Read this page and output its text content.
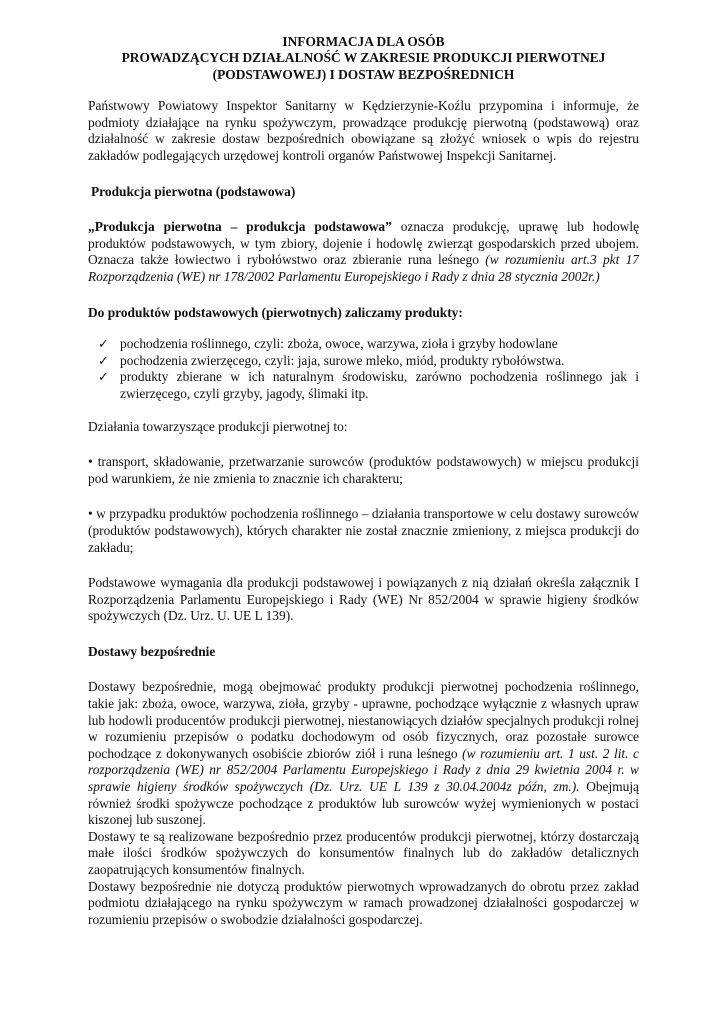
INFORMACJA DLA OSÓB
PROWADZĄCYCH DZIAŁALNOŚĆ W ZAKRESIE PRODUKCJI PIERWOTNEJ
(PODSTAWOWEJ) I DOSTAW BEZPOŚREDNICH

Państwowy Powiatowy Inspektor Sanitarny w Kędzierzynie-Koźlu przypomina i informuje, że podmioty działające na rynku spożywczym, prowadzące produkcję pierwotną (podstawową) oraz działalność w zakresie dostaw bezpośrednich obowiązane są złożyć wniosek o wpis do rejestru zakładów podlegających urzędowej kontroli organów Państwowej Inspekcji Sanitarnej.

Produkcja pierwotna (podstawowa)

„Produkcja pierwotna – produkcja podstawowa” oznacza produkcję, uprawę lub hodowlę produktów podstawowych, w tym zbiory, dojenie i hodowlę zwierząt gospodarskich przed ubojem. Oznacza także łowiectwo i rybołówstwo oraz zbieranie runa leśnego (w rozumieniu art.3 pkt 17 Rozporządzenia (WE) nr 178/2002 Parlamentu Europejskiego i Rady z dnia 28 stycznia 2002r.)

Do produktów podstawowych (pierwotnych) zaliczamy produkty:

✓ pochodzenia roślinnego, czyli: zboża, owoce, warzywa, zioła i grzyby hodowlane
✓ pochodzenia zwierzęcego, czyli: jaja, surowe mleko, miód, produkty rybołówstwa.
✓ produkty zbierane w ich naturalnym środowisku, zarówno pochodzenia roślinnego jak i zwierzęcego, czyli grzyby, jagody, ślimaki itp.

Działania towarzyszące produkcji pierwotnej to:

• transport, składowanie, przetwarzanie surowców (produktów podstawowych) w miejscu produkcji pod warunkiem, że nie zmienia to znacznie ich charakteru;

• w przypadku produktów pochodzenia roślinnego – działania transportowe w celu dostawy surowców (produktów podstawowych), których charakter nie został znacznie zmieniony, z miejsca produkcji do zakładu;

Podstawowe wymagania dla produkcji podstawowej i powiązanych z nią działań określa załącznik I Rozporządzenia Parlamentu Europejskiego i Rady (WE) Nr 852/2004 w sprawie higieny środków spożywczych (Dz. Urz. U. UE L 139).

Dostawy bezpośrednie

Dostawy bezpośrednie, mogą obejmować produkty produkcji pierwotnej pochodzenia roślinnego, takie jak: zboża, owoce, warzywa, zioła, grzyby - uprawne, pochodzące wyłącznie z własnych upraw lub hodowli producentów produkcji pierwotnej, niestanowiących działów specjalnych produkcji rolnej w rozumieniu przepisów o podatku dochodowym od osób fizycznych, oraz pozostałe surowce pochodzące z dokonywanych osobiście zbiorów ziół i runa leśnego (w rozumieniu art. 1 ust. 2 lit. c rozporządzenia (WE) nr 852/2004 Parlamentu Europejskiego i Rady z dnia 29 kwietnia 2004 r. w sprawie higieny środków spożywczych (Dz. Urz. UE L 139 z 30.04.2004z późn, zm.). Obejmują również środki spożywcze pochodzące z produktów lub surowców wyżej wymienionych w postaci kiszonej lub suszonej.

Dostawy te są realizowane bezpośrednio przez producentów produkcji pierwotnej, którzy dostarczają małe ilości środków spożywczych do konsumentów finalnych lub do zakładów detalicznych zaopatrujących konsumentów finalnych.

Dostawy bezpośrednie nie dotyczą produktów pierwotnych wprowadzanych do obrotu przez zakład podmiotu działającego na rynku spożywczym w ramach prowadzonej działalności gospodarczej w rozumieniu przepisów o swobodzie działalności gospodarczej.
